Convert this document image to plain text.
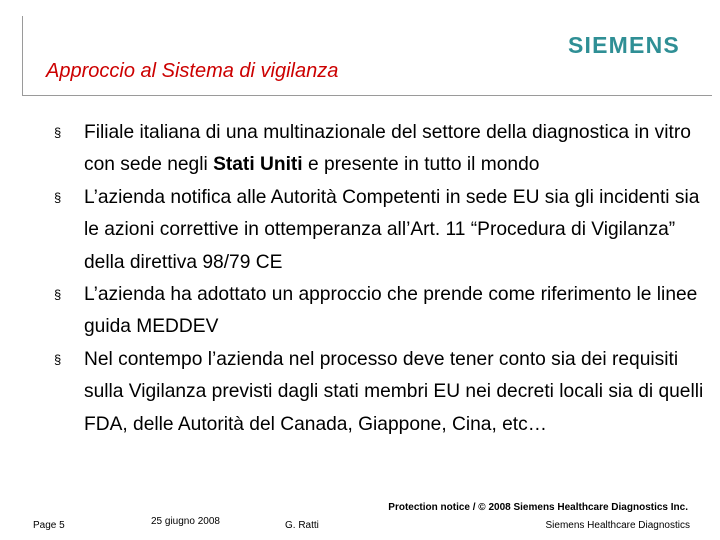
SIEMENS
Approccio al Sistema di vigilanza
§ Filiale italiana di una multinazionale del settore della diagnostica in vitro con sede negli Stati Uniti e presente in tutto il mondo
§ L’azienda notifica alle Autorità Competenti in sede EU sia gli incidenti sia le azioni correttive in ottemperanza all’Art. 11 “Procedura di Vigilanza” della direttiva 98/79 CE
§ L’azienda ha adottato un approccio che prende come riferimento le linee guida MEDDEV
§ Nel contempo l’azienda nel processo deve tener conto sia dei requisiti sulla Vigilanza previsti dagli stati membri EU nei decreti locali sia di quelli FDA, delle Autorità del Canada, Giappone, Cina, etc…
Page 5	25 giugno 2008	G. Ratti
Protection notice / © 2008 Siemens Healthcare Diagnostics Inc.
Siemens Healthcare Diagnostics
